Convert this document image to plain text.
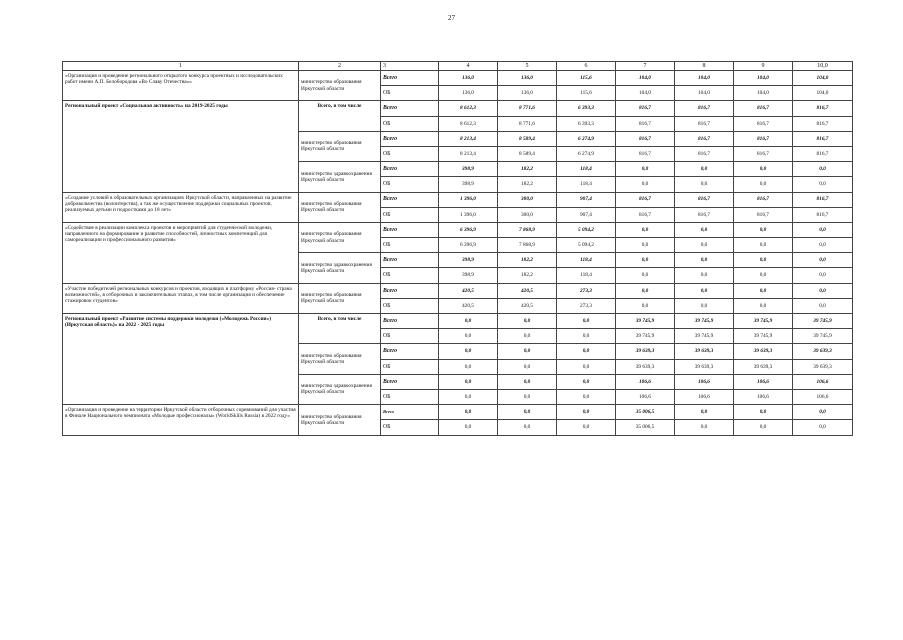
27
1	2	3	4	5	6	7	8	9	10,0
«Организация и проведение регионального открытого конкурса проектных и исследовательских работ имени А.П. Белобородова «Во Славу Отечества»»	министерство образования Иркутской области	Всего	136,0	136,0	115,6	104,0	104,0	104,0	104,0
		ОБ	136,0	136,0	115,6	104,0	104,0	104,0	104,0
Региональный проект «Социальная активность» на 2019-2025 годы	Всего, в том числе	Всего	8 612,3	8 771,6	6 393,3	816,7	816,7	816,7	816,7
		ОБ	8 612,3	8 771,6	6 393,3	816,7	816,7	816,7	816,7
	министерство образования Иркутской области	Всего	8 213,4	8 589,4	6 274,9	816,7	816,7	816,7	816,7
		ОБ	8 213,4	8 589,4	6 274,9	816,7	816,7	816,7	816,7
	министерство здравоохранения Иркутской области	Всего	398,9	182,2	118,4	0,0	0,0	0,0	0,0
		ОБ	398,9	182,2	118,4	0,0	0,0	0,0	0,0
«Создание условий в образовательных организациях Иркутской области, направленных на развитие добровольчества (волонтерства), а так же осуществление поддержки социальных проектов, реализуемых детьми и подростками до 18 лет»	министерство образования Иркутской области	Всего	1 396,0	300,0	907,4	816,7	816,7	816,7	816,7
		ОБ	1 396,0	300,0	907,4	816,7	816,7	816,7	816,7
«Содействие в реализации комплекса проектов и мероприятий для студенческой молодежи, направленного на формирование и развитие способностей, личностных компетенций для самореализации и профессионального развития»	министерство образования Иркутской области	Всего	6 396,9	7 868,9	5 094,2	0,0	0,0	0,0	0,0
		ОБ	6 396,9	7 868,9	5 094,2	0,0	0,0	0,0	0,0
	министерство здравоохранения Иркутской области	Всего	398,9	182,2	118,4	0,0	0,0	0,0	0,0
		ОБ	398,9	182,2	118,4	0,0	0,0	0,0	0,0
«Участие победителей региональных конкурсов и проектов, входящих в платформу «Россия- страна возможностей», в отборочных и заключительных этапах, в том числе организация и обеспечение стажировок студентов»	министерство образования Иркутской области	Всего	420,5	420,5	273,3	0,0	0,0	0,0	0,0
		ОБ	420,5	420,5	273,3	0,0	0,0	0,0	0,0
Региональный проект «Развитие системы поддержки молодежи («Молодежь России») (Иркутская область)» на 2022 - 2025 годы	Всего, в том числе	Всего	0,0	0,0	0,0	39 745,9	39 745,9	39 745,9	39 745,9
		ОБ	0,0	0,0	0,0	39 745,9	39 745,9	39 745,9	39 745,9
	министерство образования Иркутской области	Всего	0,0	0,0	0,0	39 639,3	39 639,3	39 639,3	39 639,3
		ОБ	0,0	0,0	0,0	39 639,3	39 639,3	39 639,3	39 639,3
	министерство здравоохранения Иркутской области	Всего	0,0	0,0	0,0	106,6	106,6	106,6	106,6
		ОБ	0,0	0,0	0,0	106,6	106,6	106,6	106,6
«Организация и проведение на территории Иркутской области отборочных соревнований для участия в Финале Национального чемпионата «Молодые профессионалы» (WorldSkills Russia) в 2022 году»	министерство образования Иркутской области	Всего	0,0	0,0	0,0	35 006,5	0,0	0,0	0,0
		ОБ	0,0	0,0	0,0	35 006,5	0,0	0,0	0,0
